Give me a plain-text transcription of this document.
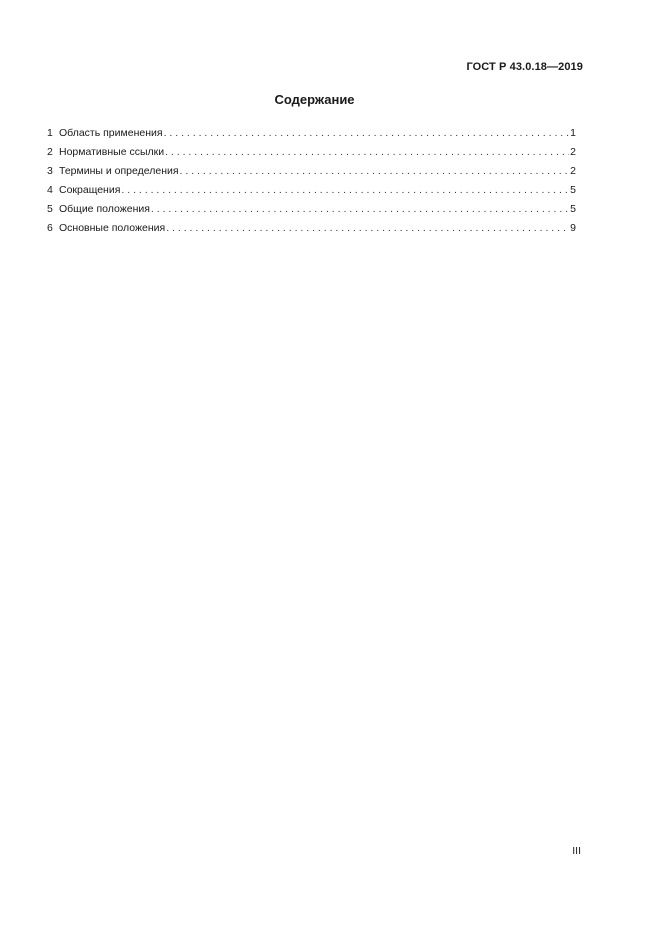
ГОСТ Р 43.0.18—2019
Содержание
1 Область применения . . .	1
2 Нормативные ссылки . . .	2
3 Термины и определения . . .	2
4 Сокращения . . .	5
5 Общие положения . . .	5
6 Основные положения . . .	9
III
